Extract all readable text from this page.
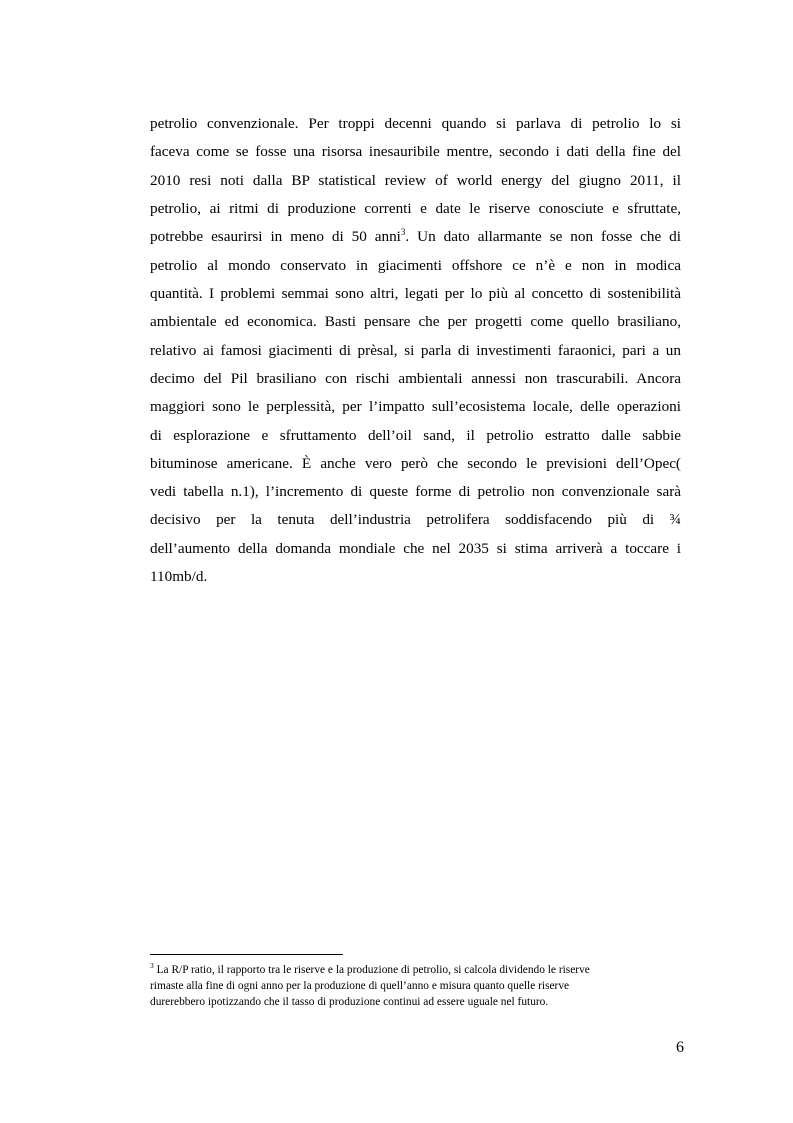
petrolio convenzionale. Per troppi decenni quando si parlava di petrolio lo si
faceva come se fosse una risorsa inesauribile mentre, secondo i dati della fine del
2010 resi noti dalla BP statistical review of world energy del giugno 2011, il
petrolio, ai ritmi di produzione correnti e date le riserve conosciute e sfruttate,
potrebbe esaurirsi in meno di 50 anni$^3$. Un dato allarmante se non fosse che di
petrolio al mondo conservato in giacimenti offshore ce n’è e non in modica
quantità. I problemi semmai sono altri, legati per lo più al concetto di sostenibilità
ambientale ed economica. Basti pensare che per progetti come quello brasiliano,
relativo ai famosi giacimenti di prèsal, si parla di investimenti faraonici, pari a un
decimo del Pil brasiliano con rischi ambientali annessi non trascurabili. Ancora
maggiori sono le perplessità, per l’impatto sull’ecosistema locale, delle operazioni
di esplorazione e sfruttamento dell’oil sand, il petrolio estratto dalle sabbie
bituminose americane. È anche vero però che secondo le previsioni dell’Opec(
vedi tabella n.1), l’incremento di queste forme di petrolio non convenzionale sarà
decisivo per la tenuta dell’industria petrolifera soddisfacendo più di ¾
dell’aumento della domanda mondiale che nel 2035 si stima arriverà a toccare i
110mb/d.
$^3$ La R/P ratio, il rapporto tra le riserve e la produzione di petrolio, si calcola dividendo le riserve
rimaste alla fine di ogni anno per la produzione di quell’anno e misura quanto quelle riserve
durerebbero ipotizzando che il tasso di produzione continui ad essere uguale nel futuro.
6
